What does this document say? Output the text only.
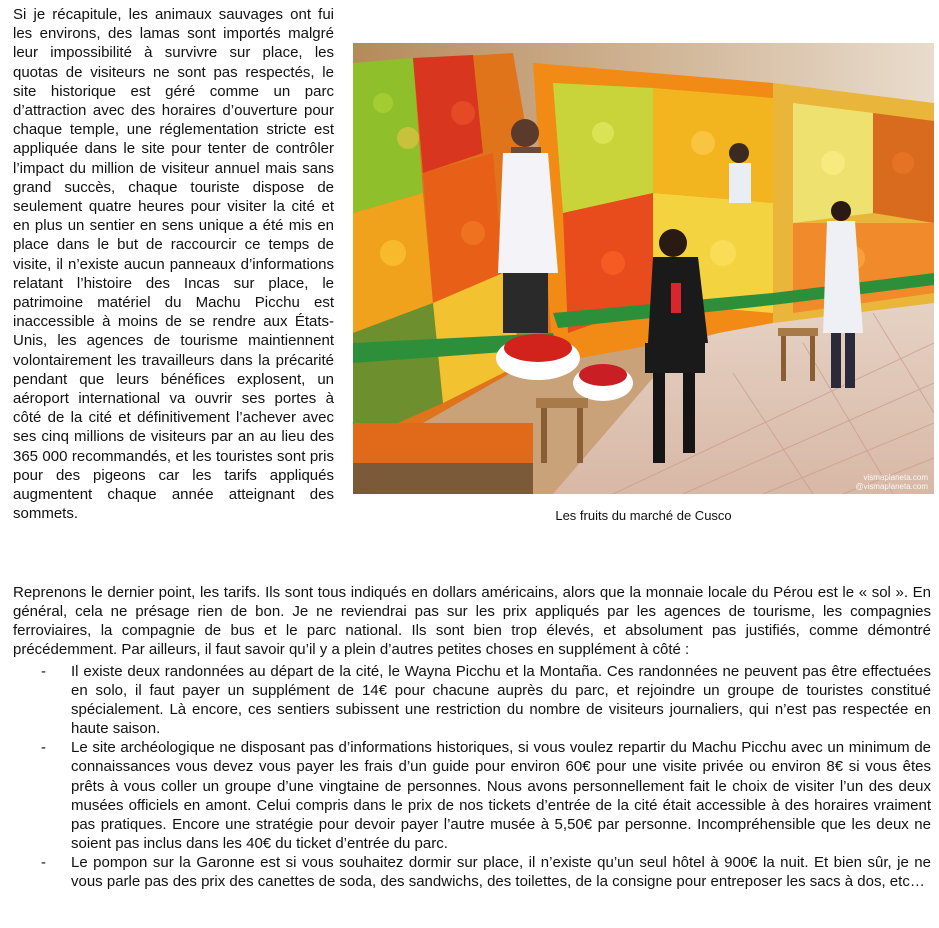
Si je récapitule, les animaux sauvages ont fui les environs, des lamas sont importés malgré leur impossibilité à survivre sur place, les quotas de visiteurs ne sont pas respectés, le site historique est géré comme un parc d’attraction avec des horaires d’ouverture pour chaque temple, une réglementation stricte est appliquée dans le site pour tenter de contrôler l’impact du million de visiteur annuel mais sans grand succès, chaque touriste dispose de seulement quatre heures pour visiter la cité et en plus un sentier en sens unique a été mis en place dans le but de raccourcir ce temps de visite, il n’existe aucun panneaux d’informations relatant l’histoire des Incas sur place, le patrimoine matériel du Machu Picchu est inaccessible à moins de se rendre aux États-Unis, les agences de tourisme maintiennent volontairement les travailleurs dans la précarité pendant que leurs bénéfices explosent, un aéroport international va ouvrir ses portes à côté de la cité et définitivement l’achever avec ses cinq millions de visiteurs par an au lieu des 365 000 recommandés, et les touristes sont pris pour des pigeons car les tarifs appliqués augmentent chaque année atteignant des sommets.
vismaplaneta.com
@vismaplaneta.com
Les fruits du marché de Cusco
Reprenons le dernier point, les tarifs. Ils sont tous indiqués en dollars américains, alors que la monnaie locale du Pérou est le « sol ». En général, cela ne présage rien de bon. Je ne reviendrai pas sur les prix appliqués par les agences de tourisme, les compagnies ferroviaires, la compagnie de bus et le parc national. Ils sont bien trop élevés, et absolument pas justifiés, comme démontré précédemment. Par ailleurs, il faut savoir qu’il y a plein d’autres petites choses en supplément à côté :
- Il existe deux randonnées au départ de la cité, le Wayna Picchu et la Montaña. Ces randonnées ne peuvent pas être effectuées en solo, il faut payer un supplément de 14€ pour chacune auprès du parc, et rejoindre un groupe de touristes constitué spécialement. Là encore, ces sentiers subissent une restriction du nombre de visiteurs journaliers, qui n’est pas respectée en haute saison.
- Le site archéologique ne disposant pas d’informations historiques, si vous voulez repartir du Machu Picchu avec un minimum de connaissances vous devez vous payer les frais d’un guide pour environ 60€ pour une visite privée ou environ 8€ si vous êtes prêts à vous coller un groupe d’une vingtaine de personnes. Nous avons personnellement fait le choix de visiter l’un des deux musées officiels en amont. Celui compris dans le prix de nos tickets d’entrée de la cité était accessible à des horaires vraiment pas pratiques. Encore une stratégie pour devoir payer l’autre musée à 5,50€ par personne. Incompréhensible que les deux ne soient pas inclus dans les 40€ du ticket d’entrée du parc.
- Le pompon sur la Garonne est si vous souhaitez dormir sur place, il n’existe qu’un seul hôtel à 900€ la nuit. Et bien sûr, je ne vous parle pas des prix des canettes de soda, des sandwichs, des toilettes, de la consigne pour entreposer les sacs à dos, etc…
